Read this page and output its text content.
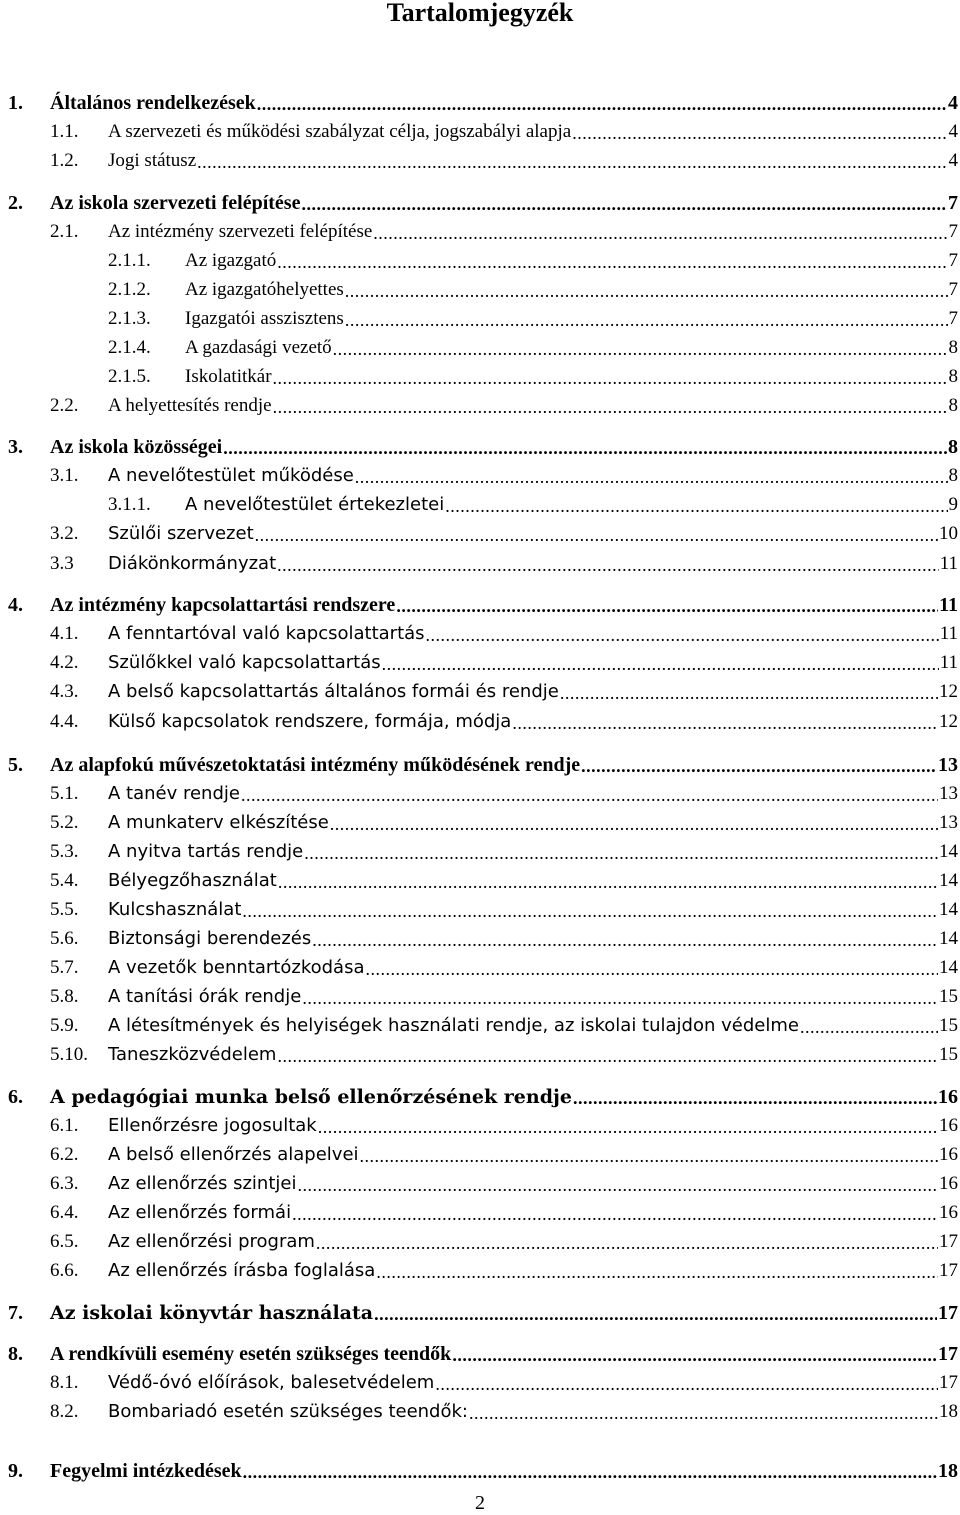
Tartalomjegyzék
1.	Általános rendelkezések .....	4
1.1.	A szervezeti és működési szabályzat célja, jogszabályi alapja .....	4
1.2.	Jogi státusz .....	4
2.	Az iskola szervezeti felépítése .....	7
2.1.	Az intézmény szervezeti felépítése .....	7
2.1.1.	Az igazgató .....	7
2.1.2.	Az igazgatóhelyettes .....	7
2.1.3.	Igazgatói asszisztens .....	7
2.1.4.	A gazdasági vezető .....	8
2.1.5.	Iskolatitkár .....	8
2.2.	A helyettesítés rendje .....	8
3.	Az iskola közösségei .....	8
3.1.	A nevelőtestület működése .....	8
3.1.1.	A nevelőtestület értekezletei .....	9
3.2.	Szülői szervezet .....	10
3.3	Diákönkormányzat .....	11
4.	Az intézmény kapcsolattartási rendszere .....	11
4.1.	A fenntartóval való kapcsolattartás .....	11
4.2.	Szülőkkel való kapcsolattartás .....	11
4.3.	A belső kapcsolattartás általános formái és rendje .....	12
4.4.	Külső kapcsolatok rendszere, formája, módja .....	12
5.	Az alapfokú művészetoktatási intézmény működésének rendje .....	13
5.1.	A tanév rendje .....	13
5.2.	A munkaterv elkészítése .....	13
5.3.	A nyitva tartás rendje .....	14
5.4.	Bélyegzőhasználat .....	14
5.5.	Kulcshasználat .....	14
5.6.	Biztonsági berendezés .....	14
5.7.	A vezetők benntartózkodása .....	14
5.8.	A tanítási órák rendje .....	15
5.9.	A létesítmények és helyiségek használati rendje, az iskolai tulajdon védelme .....	15
5.10.	Taneszközvédelem .....	15
6.	A pedagógiai munka belső ellenőrzésének rendje .....	16
6.1.	Ellenőrzésre jogosultak .....	16
6.2.	A belső ellenőrzés alapelvei .....	16
6.3.	Az ellenőrzés szintjei .....	16
6.4.	Az ellenőrzés formái .....	16
6.5.	Az ellenőrzési program .....	17
6.6.	Az ellenőrzés írásba foglalása .....	17
7.	Az iskolai könyvtár használata .....	17
8.	A rendkívüli esemény esetén szükséges teendők .....	17
8.1.	Védő-óvó előírások, balesetvédelem .....	17
8.2.	Bombariadó esetén szükséges teendők: .....	18
9.	Fegyelmi intézkedések .....	18
2
